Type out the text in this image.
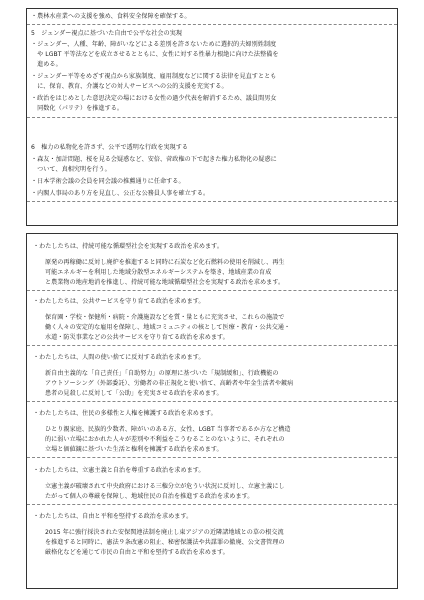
・農林水産業への支援を強め、食料安全保障を確保する。
5　ジェンダー視点に基づいた自由で公平な社会の実現
・ジェンダー、人種、年齢、障がいなどによる差別を許さないために選択的夫婦別姓制度
　や LGBT 平等法などを成立させるとともに、女性に対する性暴力根絶に向けた法整備を
　進める。
・ジェンダー平等をめざす視点から家族制度、雇用制度などに関する法律を見直すととも
　に、保育、教育、介護などの対人サービスへの公的支援を充実する。
・政治をはじめとした意思決定の場における女性の過少代表を解消するため、議員間男女
　同数化（パリテ）を推進する。
6　権力の私物化を許さず、公平で透明な行政を実現する
・森友・加計問題、桜を見る会疑惑など、安倍、菅政権の下で起きた権力私物化の疑惑に
　ついて、真相究明を行う。
・日本学術会議の会員を同会議の推薦通りに任命する。
・内閣人事局のあり方を見直し、公正な公務員人事を確立する。
・わたしたちは、持続可能な循環型社会を実現する政治を求めます。
原発の再稼働に反対し廃炉を推進すると同時に石炭など化石燃料の使用を削減し、再生
可能エネルギーを利用した地域分散型エネルギーシステムを築き、地域産業の育成
と農業物の地産地消を推進し、持続可能な地域循環型社会を実現する政治を求めます。
・わたしたちは、公共サービスを守り育てる政治を求めます。
保育園・学校・保健所・病院・介護施設などを質・量ともに充実させ、これらの施設で
働く人々の安定的な雇用を保障し、地域コミュニティの核として医療・教育・公共交通・
水道・防災事業などの公共サービスを守り育てる政治を求めます。
・わたしたちは、人間の使い捨てに反対する政治を求めます。
新自由主義的な「自己責任」「自助努力」の原理に基づいた「規制緩和」、行政機能の
アウトソーシング（外部委託）、労働者の非正規化と使い捨て、高齢者や年金生活者や鍍病
患者の見殺しに反対して「公助」を充実させる政治を求めます。
・わたしたちは、住民の多様性と人権を擁護する政治を求めます。
ひとり親家庭、民族的少数者、障がいのある方、女性、LGBT 当事者であるか方など構造
的に弱い立場におかれた人々が差別や不利益をこうむることのないように、それぞれの
立場と価値観に基づいた生活と権利を擁護する政治を求めます。
・わたしたちは、立憲主義と自治を尊重する政治を求めます。
立憲主義が破壊されて中央政府における三権分立が危うい状況に反対し、立憲主義にし
たがって個人の尊厳を保障し、地域住民の自治を推進する政治を求めます。
・わたしたちは、自由と平和を堅持する政治を求めます。
2015 年に強行採決された安保関連法制を廃止し東アジアの近隣諸地域との草の根交流
を推進すると同時に、憲法９条改憲の阻止、秘密保護法や共謀罪の撤廃、公文書管理の
厳格化などを通じて市民の自由と平和を堅持する政治を求めます。
